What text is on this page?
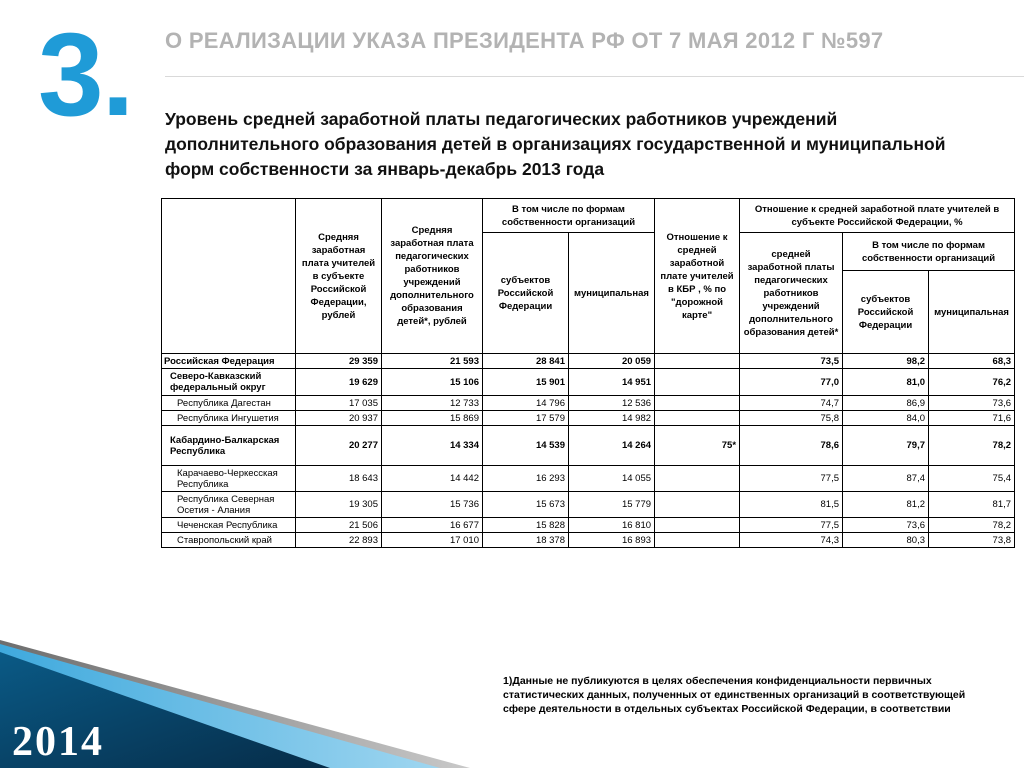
3. О РЕАЛИЗАЦИИ УКАЗА ПРЕЗИДЕНТА РФ ОТ 7 МАЯ 2012 Г №597
Уровень средней заработной платы педагогических работников учреждений дополнительного образования детей в организациях государственной и муниципальной форм собственности за январь-декабрь 2013 года
	Средняя заработная плата учителей в субъекте Российской Федерации, рублей	Средняя заработная плата педагогических работников учреждений дополнительного образования детей*, рублей	В том числе по формам собственности организаций		Отношение к средней заработной плате учителей в КБР , % по "дорожной карте"	Отношение к средней заработной плате учителей в субъекте Российской Федерации, %		
			субъектов Российской Федерации	муниципальная		средней заработной платы педагогических работников учреждений дополнительного образования детей*	В том числе по формам собственности организаций	
							субъектов Российской Федерации	муниципальная
Российская Федерация	29 359	21 593	28 841	20 059		73,5	98,2	68,3
Северо-Кавказский федеральный округ	19 629	15 106	15 901	14 951		77,0	81,0	76,2
Республика Дагестан	17 035	12 733	14 796	12 536		74,7	86,9	73,6
Республика Ингушетия	20 937	15 869	17 579	14 982		75,8	84,0	71,6
Кабардино-Балкарская Республика	20 277	14 334	14 539	14 264	75*	78,6	79,7	78,2
Карачаево-Черкесская Республика	18 643	14 442	16 293	14 055		77,5	87,4	75,4
Республика Северная Осетия - Алания	19 305	15 736	15 673	15 779		81,5	81,2	81,7
Чеченская Республика	21 506	16 677	15 828	16 810		77,5	73,6	78,2
Ставропольский край	22 893	17 010	18 378	16 893		74,3	80,3	73,8
1)Данные не публикуются в целях обеспечения конфиденциальности первичных статистических данных, полученных от единственных организаций в соответствующей сфере деятельности в отдельных субъектах Российской Федерации, в соответствии
2014
